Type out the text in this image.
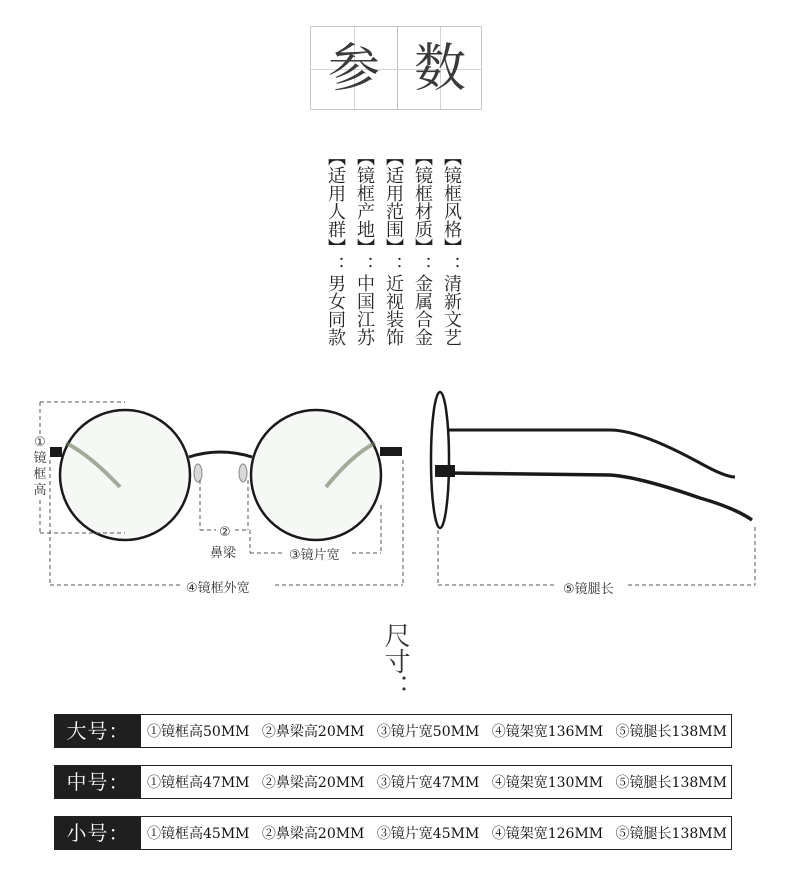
参 数
【适用人群】：男女同款
【镜框产地】：中国江苏
【适用范围】：近视装饰
【镜框材质】：金属合金
【镜框风格】：清新文艺
①
镜框高
②
鼻梁	③镜片宽
④镜框外宽	⑤镜腿长
尺寸：
大号：	①镜框高50MM ②鼻梁高20MM ③镜片宽50MM ④镜架宽136MM ⑤镜腿长138MM
中号：	①镜框高47MM ②鼻梁高20MM ③镜片宽47MM ④镜架宽130MM ⑤镜腿长138MM
小号：	①镜框高45MM ②鼻梁高20MM ③镜片宽45MM ④镜架宽126MM ⑤镜腿长138MM
